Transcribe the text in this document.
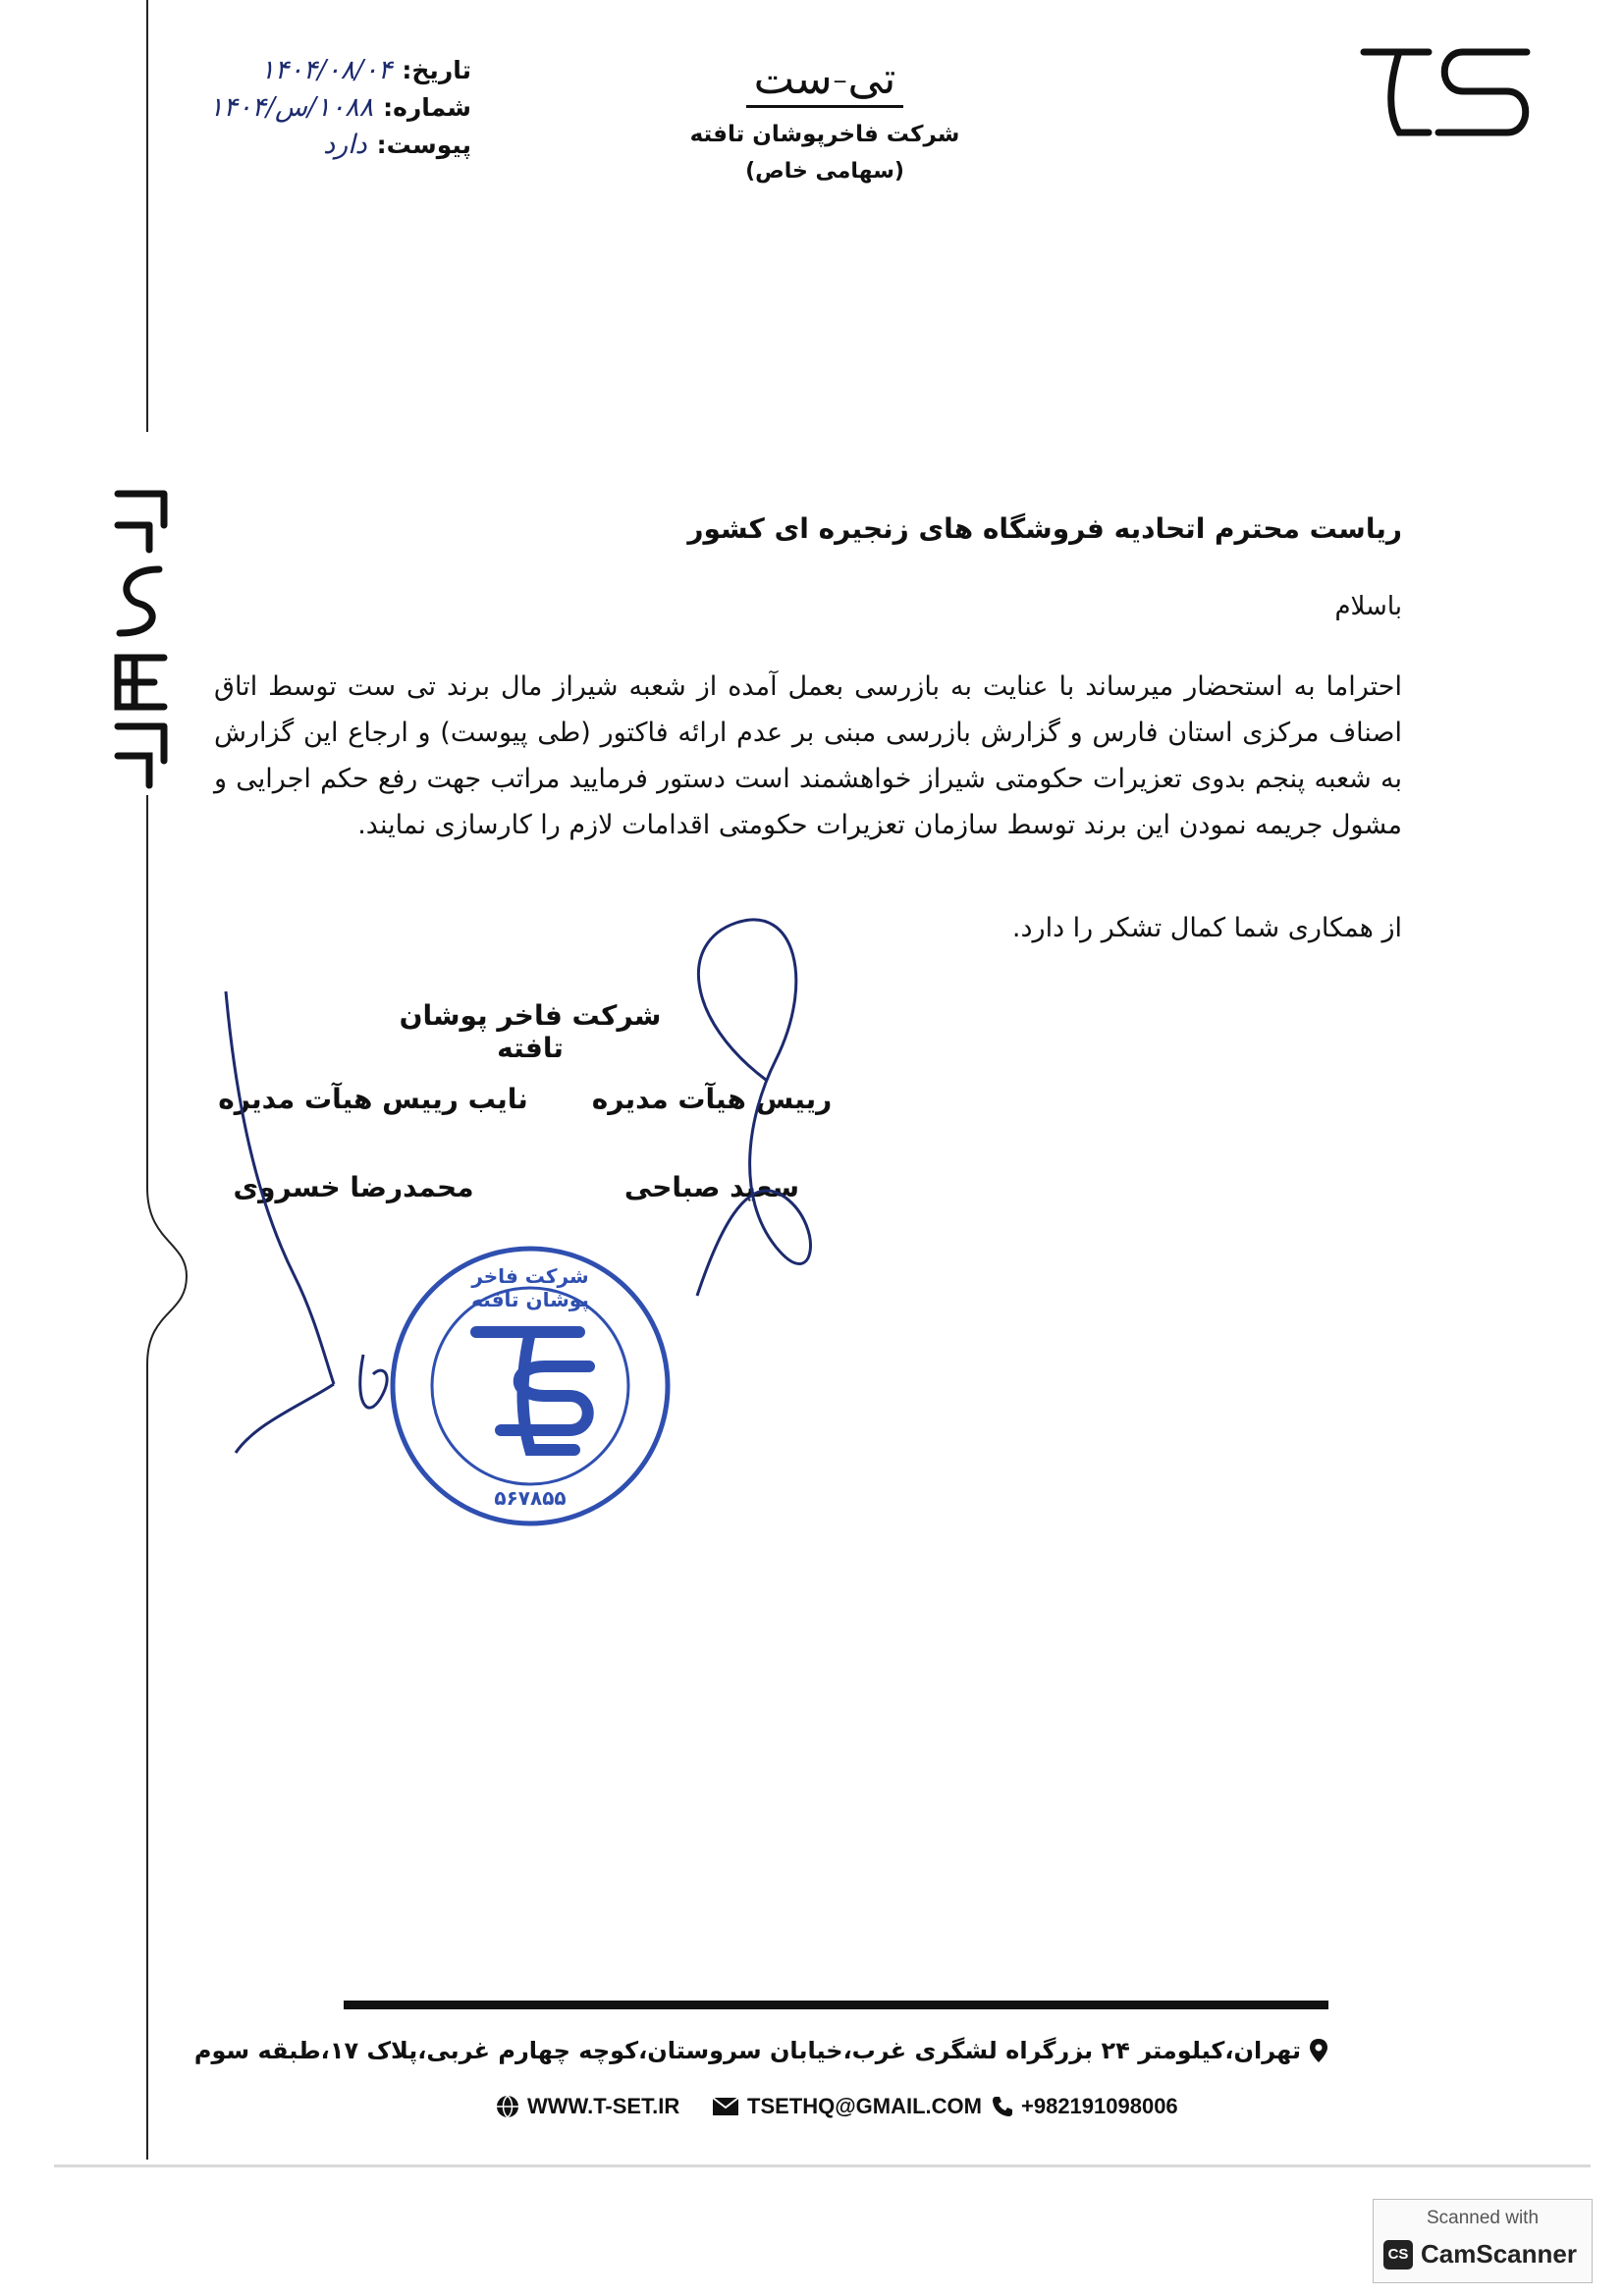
تاریخ:
۱۴۰۴/۰۸/۰۴
شماره:
۱۰۸۸/س/۱۴۰۴
پیوست:
دارد
تی-ست
شرکت فاخرپوشان تافته
(سهامی خاص)
ریاست محترم اتحادیه فروشگاه های زنجیره ای کشور
باسلام
احتراما به استحضار میرساند با عنایت به بازرسی بعمل آمده از شعبه شیراز مال برند تی ست توسط اتاق اصناف مرکزی استان فارس و گزارش بازرسی مبنی بر عدم ارائه فاکتور (طی پیوست) و ارجاع این گزارش به شعبه پنجم بدوی تعزیرات حکومتی شیراز خواهشمند است دستور فرمایید مراتب جهت رفع حکم اجرایی و مشول جریمه نمودن این برند توسط سازمان تعزیرات حکومتی اقدامات لازم را کارسازی نمایند.
از همکاری شما کمال تشکر را دارد.
شرکت فاخر پوشان تافته
رییس هیآت مدیره
سعید صباحی
نایب رییس هیآت مدیره
محمدرضا خسروی
شرکت فاخر پوشان تافته
۵۶۷۸۵۵
تهران،کیلومتر ۲۴ بزرگراه لشگری غرب،خیابان سروستان،کوچه چهارم غربی،پلاک ۱۷،طبقه سوم
WWW.T-SET.IR	TSETHQ@GMAIL.COM +982191098006
Scanned with
CS CamScanner
